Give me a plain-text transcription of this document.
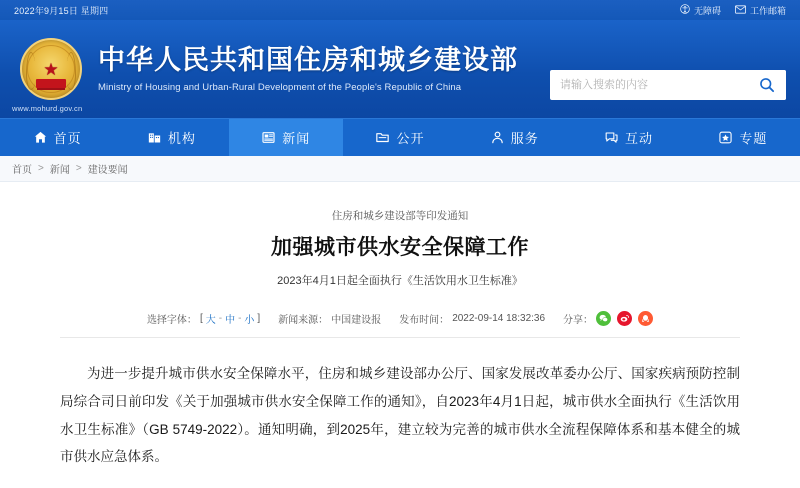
2022年9月15日 星期四	无障碍	工作邮箱
★ 中华人民共和国住房和城乡建设部
Ministry of Housing and Urban-Rural Development of the People's Republic of China
www.mohurd.gov.cn
请输入搜索的内容
首页	机构	新闻	公开	服务	互动	专题
首页 > 新闻 > 建设要闻
住房和城乡建设部等印发通知
加强城市供水安全保障工作
2023年4月1日起全面执行《生活饮用水卫生标准》
选择字体： [ 大 - 中 - 小 ] 新闻来源： 中国建设报 发布时间： 2022-09-14 18:32:36 分享：
为进一步提升城市供水安全保障水平，住房和城乡建设部办公厅、国家发展改革委办公厅、国家疾病预防控制局综合司日前印发《关于加强城市供水安全保障工作的通知》，自2023年4月1日起，城市供水全面执行《生活饮用水卫生标准》（GB 5749-2022）。通知明确，到2025年，建立较为完善的城市供水全流程保障体系和基本健全的城市供水应急体系。
